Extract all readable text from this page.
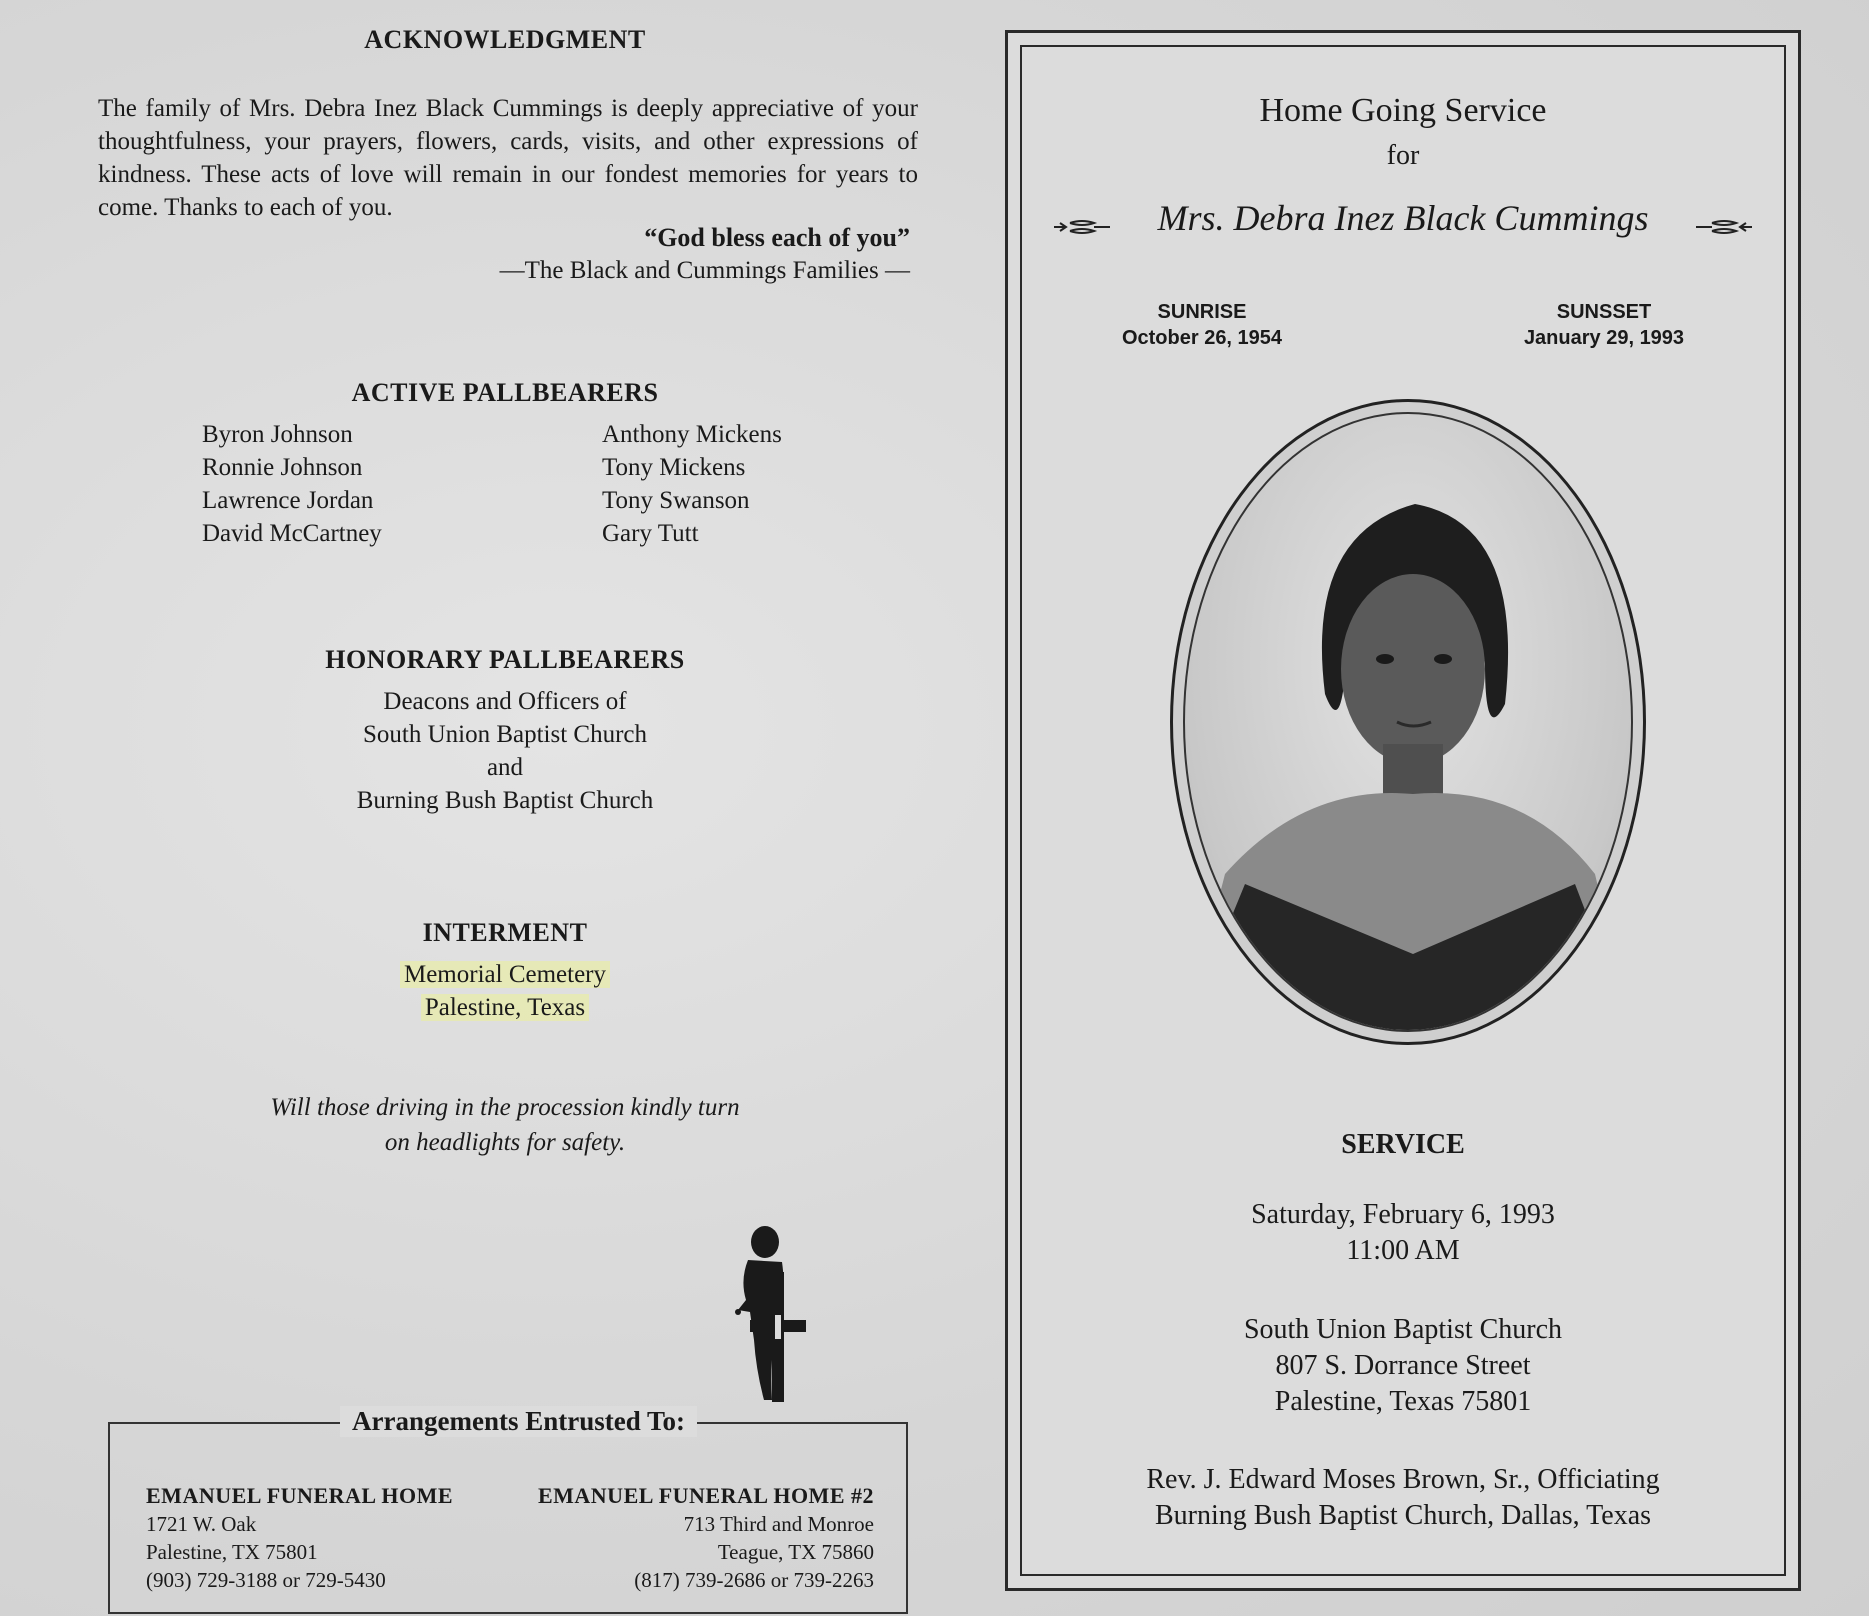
ACKNOWLEDGMENT
The family of Mrs. Debra Inez Black Cummings is deeply appreciative of your thoughtfulness, your prayers, flowers, cards, visits, and other expressions of kindness. These acts of love will remain in our fondest memories for years to come. Thanks to each of you.
“God bless each of you”
—The Black and Cummings Families —
ACTIVE PALLBEARERS
Byron Johnson
Ronnie Johnson
Lawrence Jordan
David McCartney
Anthony Mickens
Tony Mickens
Tony Swanson
Gary Tutt
HONORARY PALLBEARERS
Deacons and Officers of
South Union Baptist Church
and
Burning Bush Baptist Church
INTERMENT
Memorial Cemetery
Palestine, Texas
Will those driving in the procession kindly turn
on headlights for safety.
Arrangements Entrusted To:
EMANUEL FUNERAL HOME
1721 W. Oak
Palestine, TX 75801
(903) 729-3188 or 729-5430
EMANUEL FUNERAL HOME #2
713 Third and Monroe
Teague, TX 75860
(817) 739-2686 or 739-2263
Home Going Service
for
Mrs. Debra Inez Black Cummings
SUNRISE
October 26, 1954
SUNSSET
January 29, 1993
SERVICE
Saturday, February 6, 1993
11:00 AM
South Union Baptist Church
807 S. Dorrance Street
Palestine, Texas 75801
Rev. J. Edward Moses Brown, Sr., Officiating
Burning Bush Baptist Church, Dallas, Texas
